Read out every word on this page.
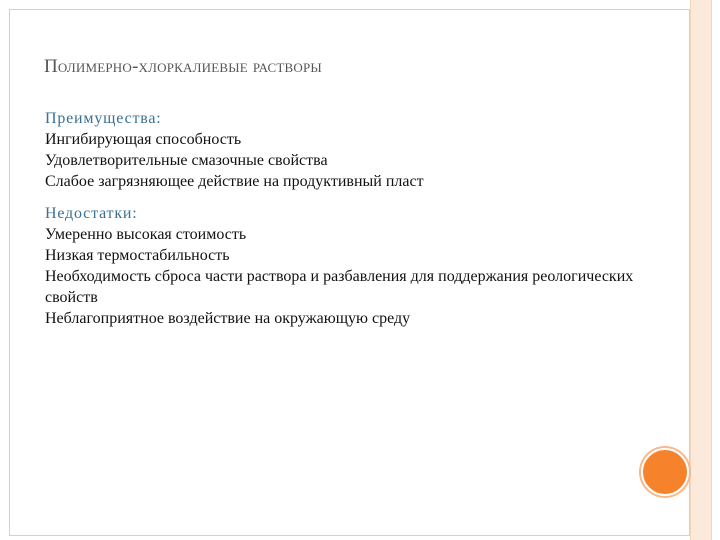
Полимерно-хлоркалиевые растворы
Преимущества:
Ингибирующая способность
Удовлетворительные смазочные свойства
Слабое загрязняющее действие на продуктивный пласт
Недостатки:
Умеренно высокая стоимость
Низкая термостабильность
Необходимость сброса части раствора и разбавления для поддержания реологических свойств
Неблагоприятное воздействие на окружающую среду
